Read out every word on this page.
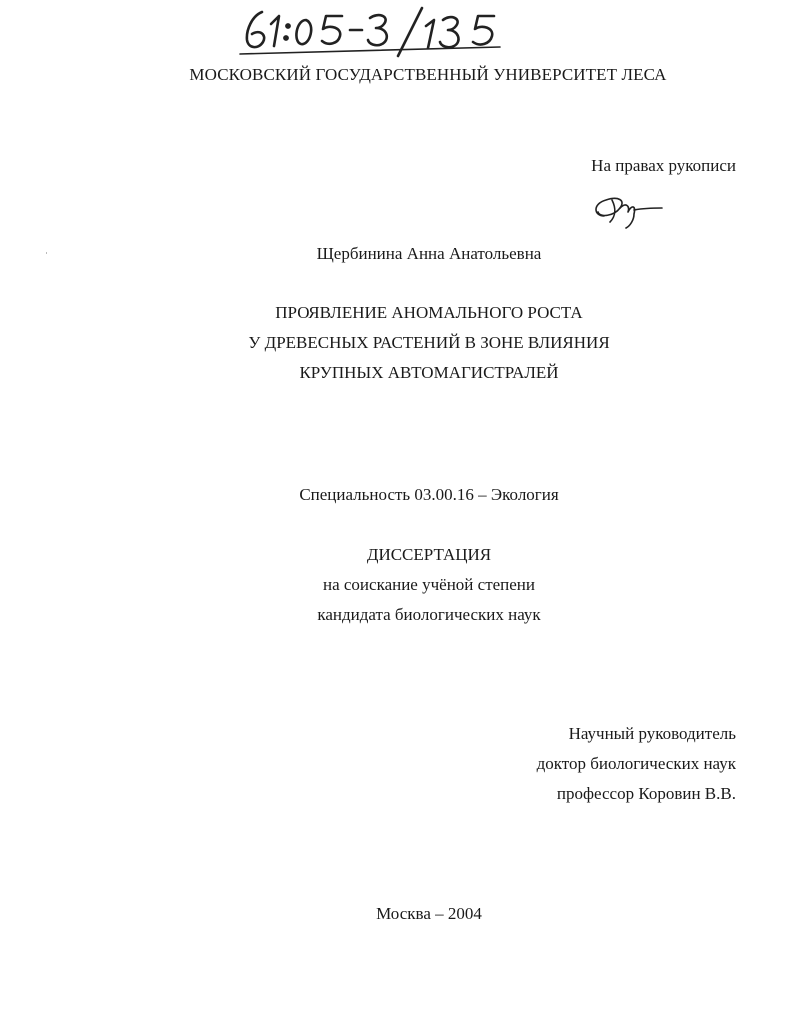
МОСКОВСКИЙ ГОСУДАРСТВЕННЫЙ УНИВЕРСИТЕТ ЛЕСА
На правах рукописи
Щербинина Анна Анатольевна
ПРОЯВЛЕНИЕ АНОМАЛЬНОГО РОСТА
У ДРЕВЕСНЫХ РАСТЕНИЙ В ЗОНЕ ВЛИЯНИЯ
КРУПНЫХ АВТОМАГИСТРАЛЕЙ
Специальность 03.00.16 – Экология
ДИССЕРТАЦИЯ
на соискание учёной степени
кандидата биологических наук
Научный руководитель
доктор биологических наук
профессор Коровин В.В.
Москва – 2004
